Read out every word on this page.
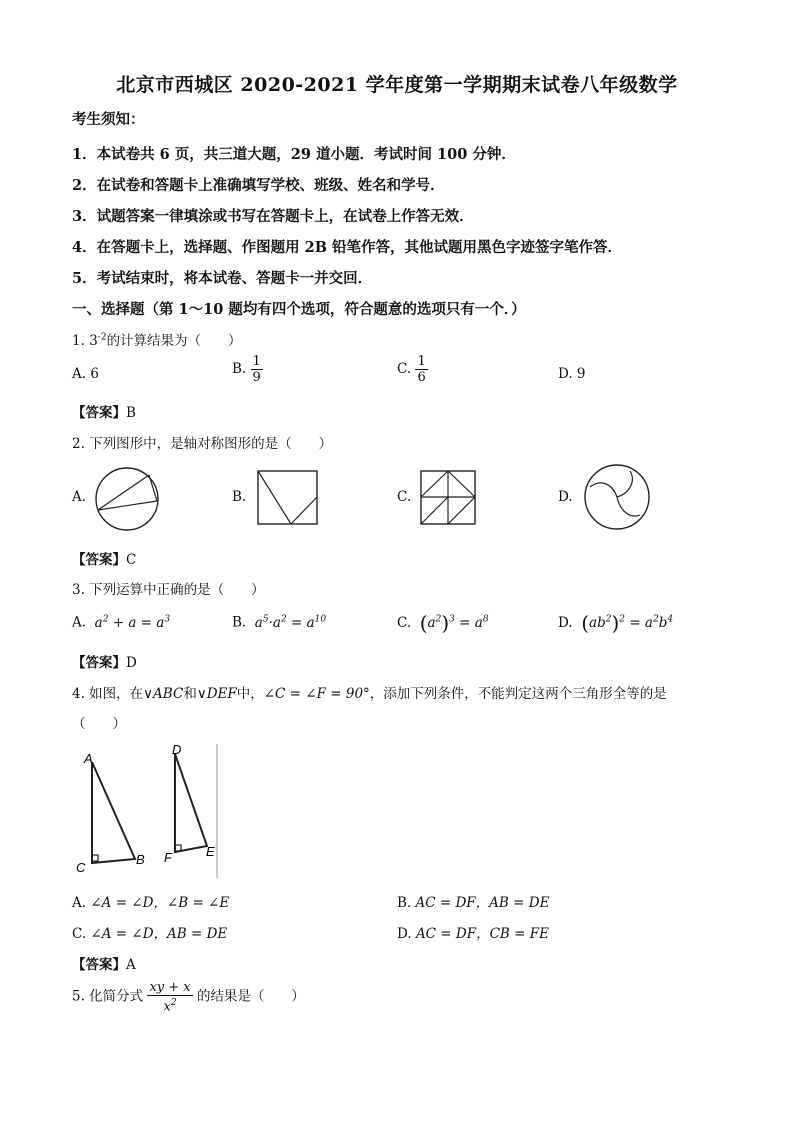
北京市西城区 2020-2021 学年度第一学期期末试卷八年级数学
考生须知：
1．本试卷共 6 页，共三道大题，29 道小题．考试时间 100 分钟．
2．在试卷和答题卡上准确填写学校、班级、姓名和学号．
3．试题答案一律填涂或书写在答题卡上，在试卷上作答无效．
4．在答题卡上，选择题、作图题用 2B 铅笔作答，其他试题用黑色字迹签字笔作答．
5．考试结束时，将本试卷、答题卡一并交回．
一、选择题（第 1～10 题均有四个选项，符合题意的选项只有一个．）
1. $3^{-2}$的计算结果为（　　）
A. 6	B. $\frac{1}{9}$	C. $\frac{1}{6}$	D. 9
【答案】B
2. 下列图形中，是轴对称图形的是（　　）
A.	B.	C.	D.
【答案】C
3. 下列运算中正确的是（　　）
A.  $a^2 + a = a^3$	B.  $a^5\cdot a^2 = a^{10}$	C. $(a^2)^3 = a^8$	D. $(ab^2)^2 = a^2b^4$
【答案】D
4. 如图，在∨ABC和∨DEF中，∠C = ∠F = 90°，添加下列条件，不能判定这两个三角形全等的是
（　　）
A
C
B
D
F	E
A. ∠A = ∠D，∠B = ∠E	B. AC = DF，AB = DE
C. ∠A = ∠D，AB = DE	D. AC = DF，CB = FE
【答案】A
5. 化简分式 $\frac{xy + x}{x^2}$ 的结果是（　　）
